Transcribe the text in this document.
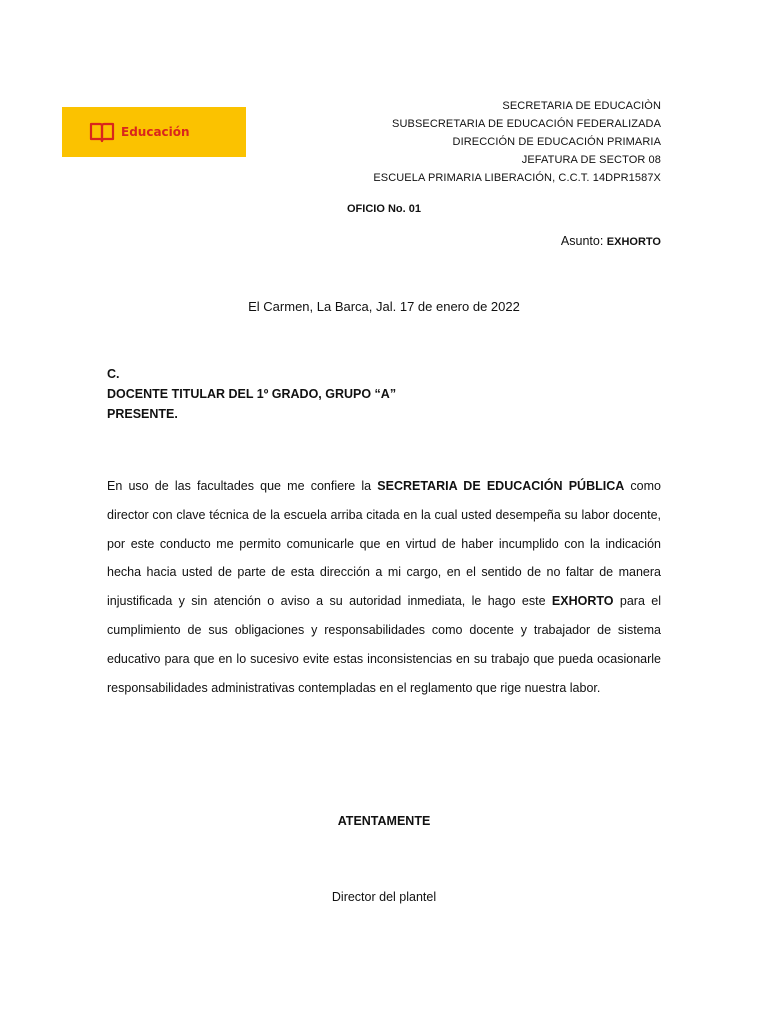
Educación
SECRETARIA DE EDUCACIÒN
SUBSECRETARIA DE EDUCACIÓN FEDERALIZADA
DIRECCIÓN DE EDUCACIÓN PRIMARIA
JEFATURA DE SECTOR 08
ESCUELA PRIMARIA LIBERACIÓN, C.C.T. 14DPR1587X
OFICIO No. 01
Asunto: EXHORTO
El Carmen, La Barca, Jal. 17 de enero de 2022
C.
DOCENTE TITULAR DEL 1º GRADO, GRUPO “A”
PRESENTE.
En uso de las facultades que me confiere la SECRETARIA DE EDUCACIÓN PÚBLICA como director con clave técnica de la escuela arriba citada en la cual usted desempeña su labor docente, por este conducto me permito comunicarle que en virtud de haber incumplido con la indicación hecha hacia usted de parte de esta dirección a mi cargo, en el sentido de no faltar de manera injustificada y sin atención o aviso a su autoridad inmediata, le hago este EXHORTO para el cumplimiento de sus obligaciones y responsabilidades como docente y trabajador de sistema educativo para que en lo sucesivo evite estas inconsistencias en su trabajo que pueda ocasionarle responsabilidades administrativas contempladas en el reglamento que rige nuestra labor.
ATENTAMENTE
Director del plantel
